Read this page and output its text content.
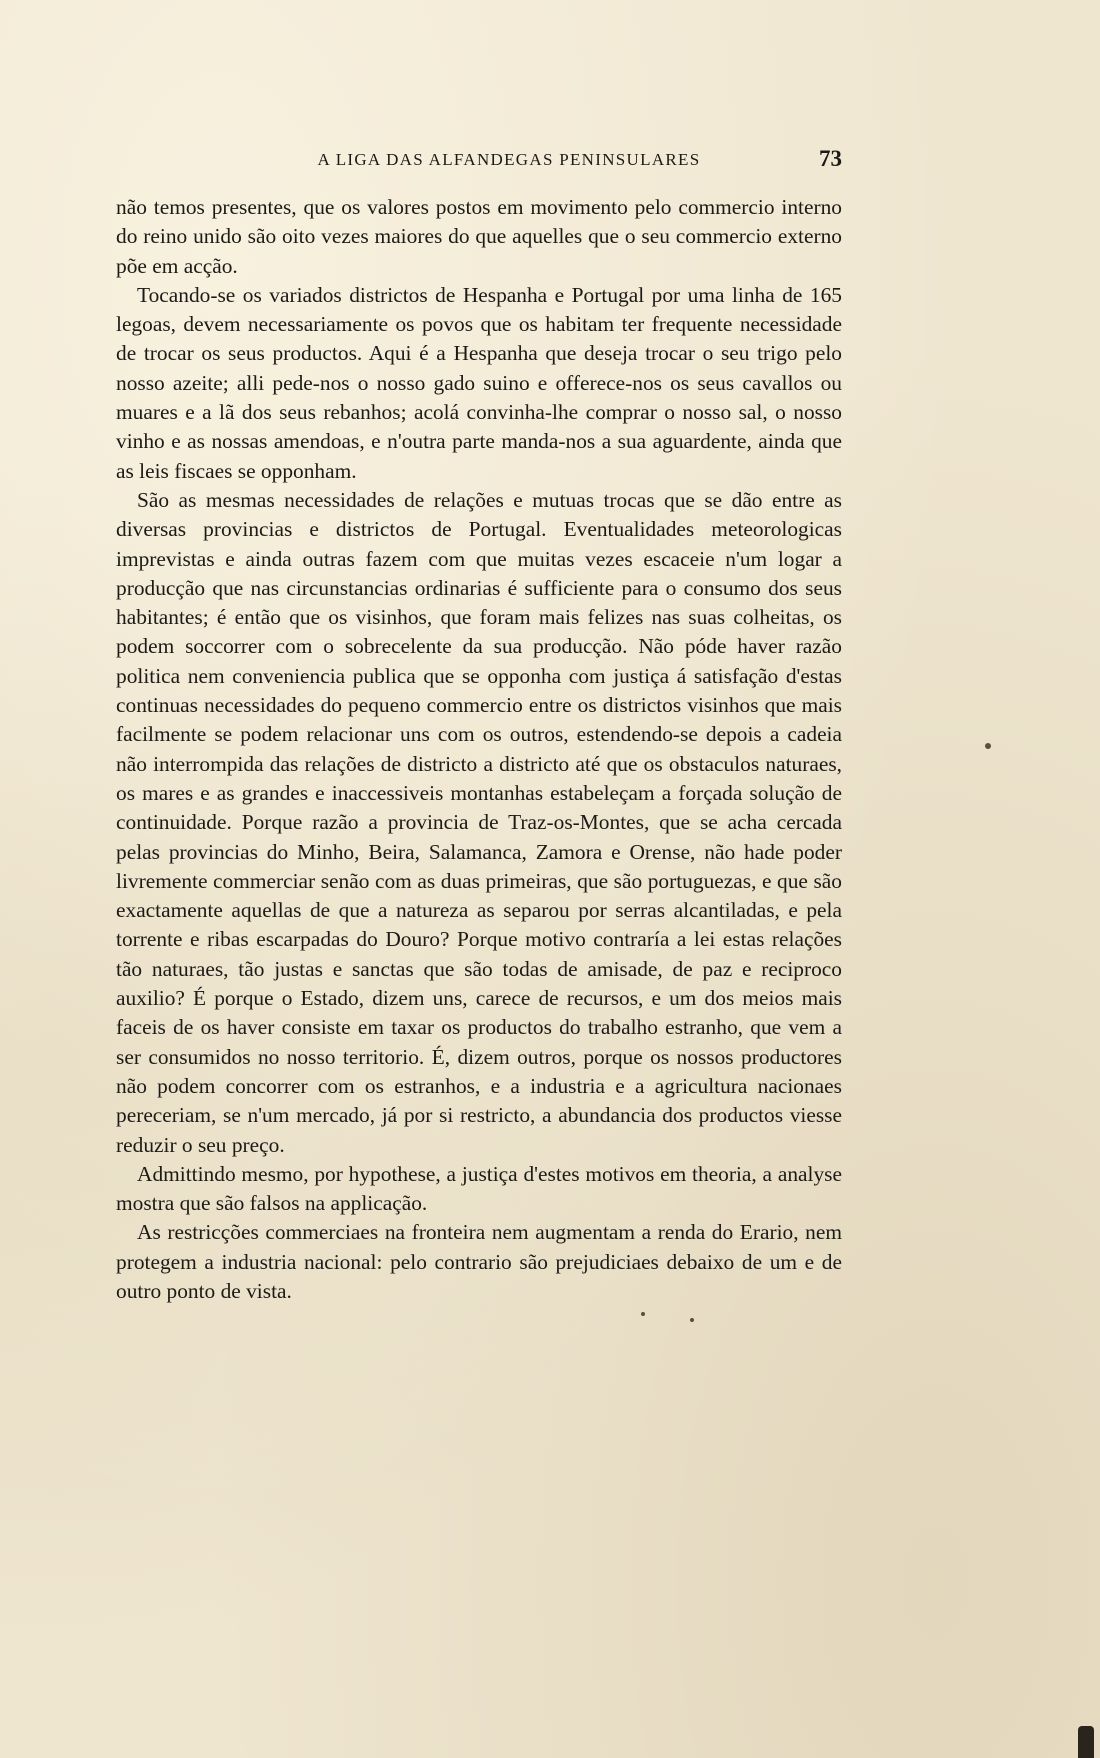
A LIGA DAS ALFANDEGAS PENINSULARES	73

não temos presentes, que os valores postos em movimento pelo commercio interno do reino unido são oito vezes maiores do que aquelles que o seu commercio externo põe em acção.

Tocando-se os variados districtos de Hespanha e Portugal por uma linha de 165 legoas, devem necessariamente os povos que os habitam ter frequente necessidade de trocar os seus productos. Aqui é a Hespanha que deseja trocar o seu trigo pelo nosso azeite; alli pede-nos o nosso gado suino e offerece-nos os seus cavallos ou muares e a lã dos seus rebanhos; acolá convinha-lhe comprar o nosso sal, o nosso vinho e as nossas amendoas, e n'outra parte manda-nos a sua aguardente, ainda que as leis fiscaes se opponham.

São as mesmas necessidades de relações e mutuas trocas que se dão entre as diversas provincias e districtos de Portugal. Eventualidades meteorologicas imprevistas e ainda outras fazem com que muitas vezes escaceie n'um logar a producção que nas circunstancias ordinarias é sufficiente para o consumo dos seus habitantes; é então que os visinhos, que foram mais felizes nas suas colheitas, os podem soccorrer com o sobrecelente da sua producção. Não póde haver razão politica nem conveniencia publica que se opponha com justiça á satisfação d'estas continuas necessidades do pequeno commercio entre os districtos visinhos que mais facilmente se podem relacionar uns com os outros, estendendo-se depois a cadeia não interrompida das relações de districto a districto até que os obstaculos naturaes, os mares e as grandes e inaccessiveis montanhas estabeleçam a forçada solução de continuidade. Porque razão a provincia de Traz-os-Montes, que se acha cercada pelas provincias do Minho, Beira, Salamanca, Zamora e Orense, não hade poder livremente commerciar senão com as duas primeiras, que são portuguezas, e que são exactamente aquellas de que a natureza as separou por serras alcantiladas, e pela torrente e ribas escarpadas do Douro? Porque motivo contraría a lei estas relações tão naturaes, tão justas e sanctas que são todas de amisade, de paz e reciproco auxilio? É porque o Estado, dizem uns, carece de recursos, e um dos meios mais faceis de os haver consiste em taxar os productos do trabalho estranho, que vem a ser consumidos no nosso territorio. É, dizem outros, porque os nossos productores não podem concorrer com os estranhos, e a industria e a agricultura nacionaes pereceriam, se n'um mercado, já por si restricto, a abundancia dos productos viesse reduzir o seu preço.

Admittindo mesmo, por hypothese, a justiça d'estes motivos em theoria, a analyse mostra que são falsos na applicação.

As restricções commerciaes na fronteira nem augmentam a renda do Erario, nem protegem a industria nacional: pelo contrario são prejudiciaes debaixo de um e de outro ponto de vista.
